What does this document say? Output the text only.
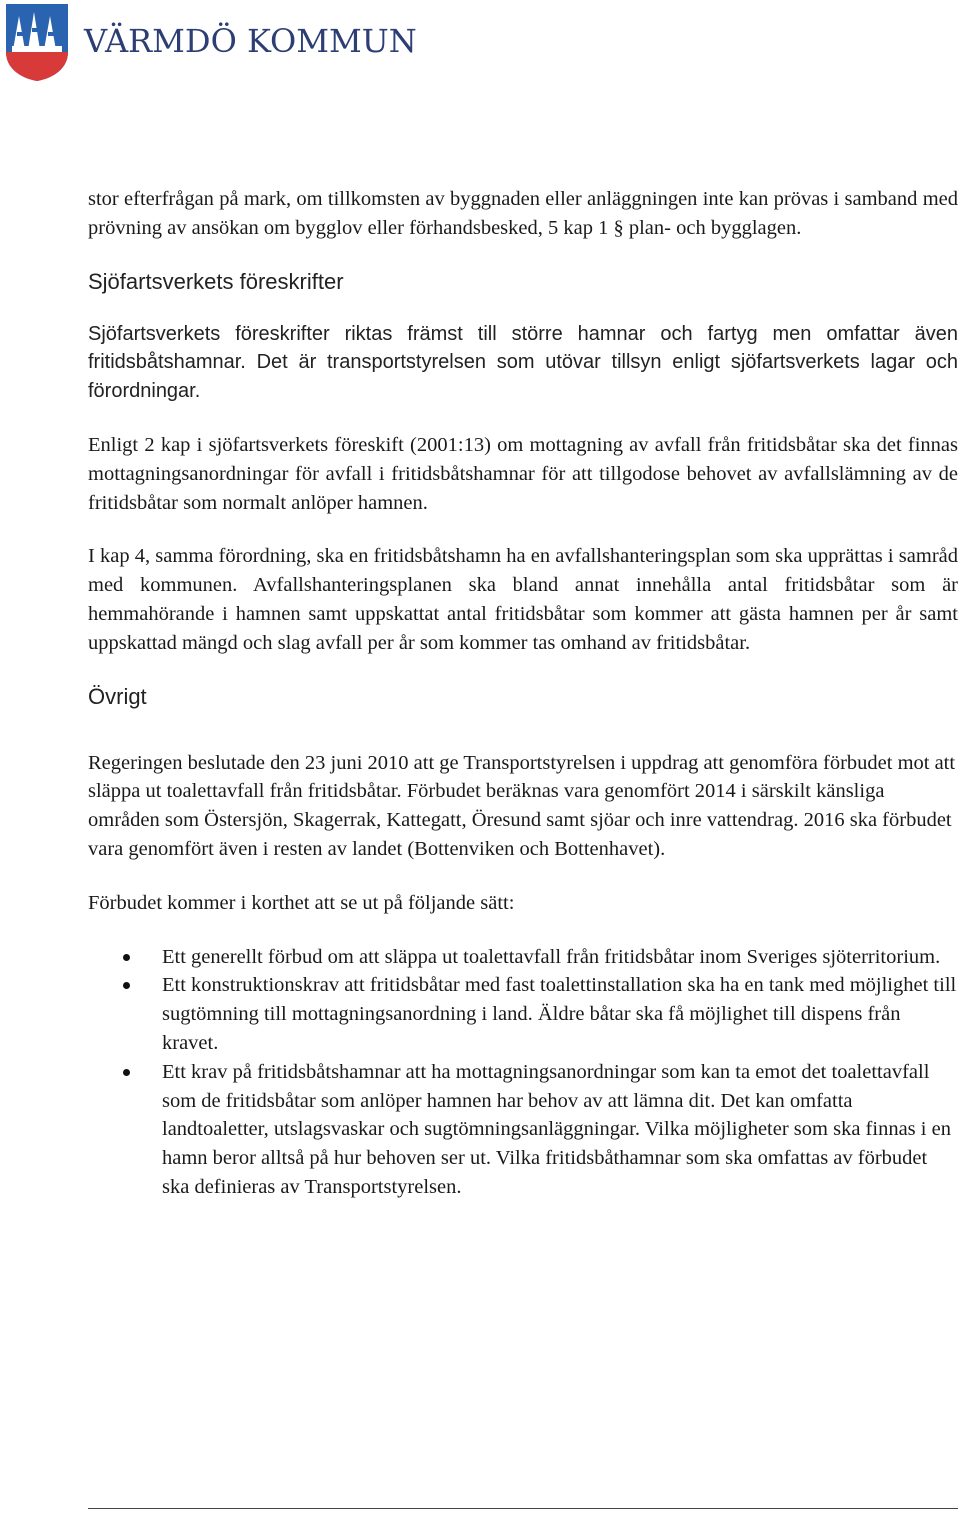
VÄRMDÖ KOMMUN

stor efterfrågan på mark, om tillkomsten av byggnaden eller anläggningen inte kan prövas i samband med prövning av ansökan om bygglov eller förhandsbesked, 5 kap 1 § plan- och bygglagen.

Sjöfartsverkets föreskrifter

Sjöfartsverkets föreskrifter riktas främst till större hamnar och fartyg men omfattar även fritidsbåtshamnar. Det är transportstyrelsen som utövar tillsyn enligt sjöfartsverkets lagar och förordningar.

Enligt 2 kap i sjöfartsverkets föreskift (2001:13) om mottagning av avfall från fritidsbåtar ska det finnas mottagningsanordningar för avfall i fritidsbåtshamnar för att tillgodose behovet av avfallslämning av de fritidsbåtar som normalt anlöper hamnen.

I kap 4, samma förordning, ska en fritidsbåtshamn ha en avfallshanteringsplan som ska upprättas i samråd med kommunen. Avfallshanteringsplanen ska bland annat innehålla antal fritidsbåtar som är hemmahörande i hamnen samt uppskattat antal fritidsbåtar som kommer att gästa hamnen per år samt uppskattad mängd och slag avfall per år som kommer tas omhand av fritidsbåtar.

Övrigt

Regeringen beslutade den 23 juni 2010 att ge Transportstyrelsen i uppdrag att genomföra förbudet mot att släppa ut toalettavfall från fritidsbåtar. Förbudet beräknas vara genomfört 2014 i särskilt känsliga områden som Östersjön, Skagerrak, Kattegatt, Öresund samt sjöar och inre vattendrag. 2016 ska förbudet vara genomfört även i resten av landet (Bottenviken och Bottenhavet).

Förbudet kommer i korthet att se ut på följande sätt:

Ett generellt förbud om att släppa ut toalettavfall från fritidsbåtar inom Sveriges sjöterritorium.
Ett konstruktionskrav att fritidsbåtar med fast toalettinstallation ska ha en tank med möjlighet till sugtömning till mottagningsanordning i land. Äldre båtar ska få möjlighet till dispens från kravet.
Ett krav på fritidsbåtshamnar att ha mottagningsanordningar som kan ta emot det toalettavfall som de fritidsbåtar som anlöper hamnen har behov av att lämna dit. Det kan omfatta landtoaletter, utslagsvaskar och sugtömningsanläggningar. Vilka möjligheter som ska finnas i en hamn beror alltså på hur behoven ser ut. Vilka fritidsbåthamnar som ska omfattas av förbudet ska definieras av Transportstyrelsen.
